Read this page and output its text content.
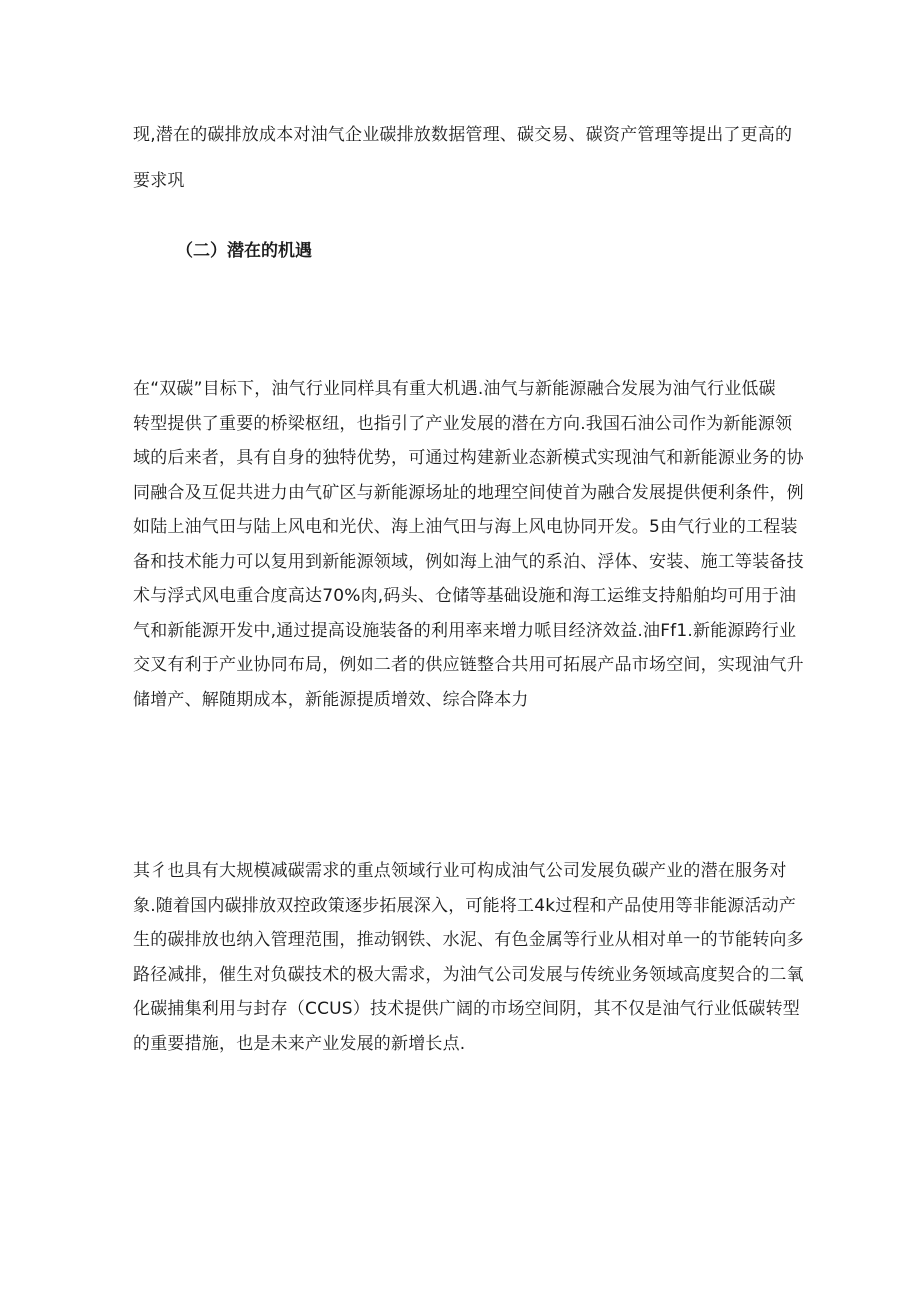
现,潜在的碳排放成本对油气企业碳排放数据管理、碳交易、碳资产管理等提出了更高的
要求巩
（二）潜在的机遇
在“双碳”目标下，油气行业同样具有重大机遇.油气与新能源融合发展为油气行业低碳
转型提供了重要的桥梁枢纽，也指引了产业发展的潜在方向.我国石油公司作为新能源领
域的后来者，具有自身的独特优势，可通过构建新业态新模式实现油气和新能源业务的协
同融合及互促共进力由气矿区与新能源场址的地理空间使首为融合发展提供便利条件，例
如陆上油气田与陆上风电和光伏、海上油气田与海上风电协同开发。5由气行业的工程装
备和技术能力可以复用到新能源领域，例如海上油气的系泊、浮体、安装、施工等装备技
术与浮式风电重合度高达70%肉,码头、仓储等基础设施和海工运维支持船舶均可用于油
气和新能源开发中,通过提高设施装备的利用率来增力哌目经济效益.油Ff1.新能源跨行业
交叉有利于产业协同布局，例如二者的供应链整合共用可拓展产品市场空间，实现油气升
储增产、解随期成本，新能源提质增效、综合降本力
其彳也具有大规模减碳需求的重点领域行业可构成油气公司发展负碳产业的潜在服务对
象.随着国内碳排放双控政策逐步拓展深入，可能将工4k过程和产品使用等非能源活动产
生的碳排放也纳入管理范围，推动钢铁、水泥、有色金属等行业从相对单一的节能转向多
路径减排，催生对负碳技术的极大需求，为油气公司发展与传统业务领域高度契合的二氧
化碳捕集利用与封存（CCUS）技术提供广阔的市场空间阴，其不仅是油气行业低碳转型
的重要措施，也是未来产业发展的新增长点.
